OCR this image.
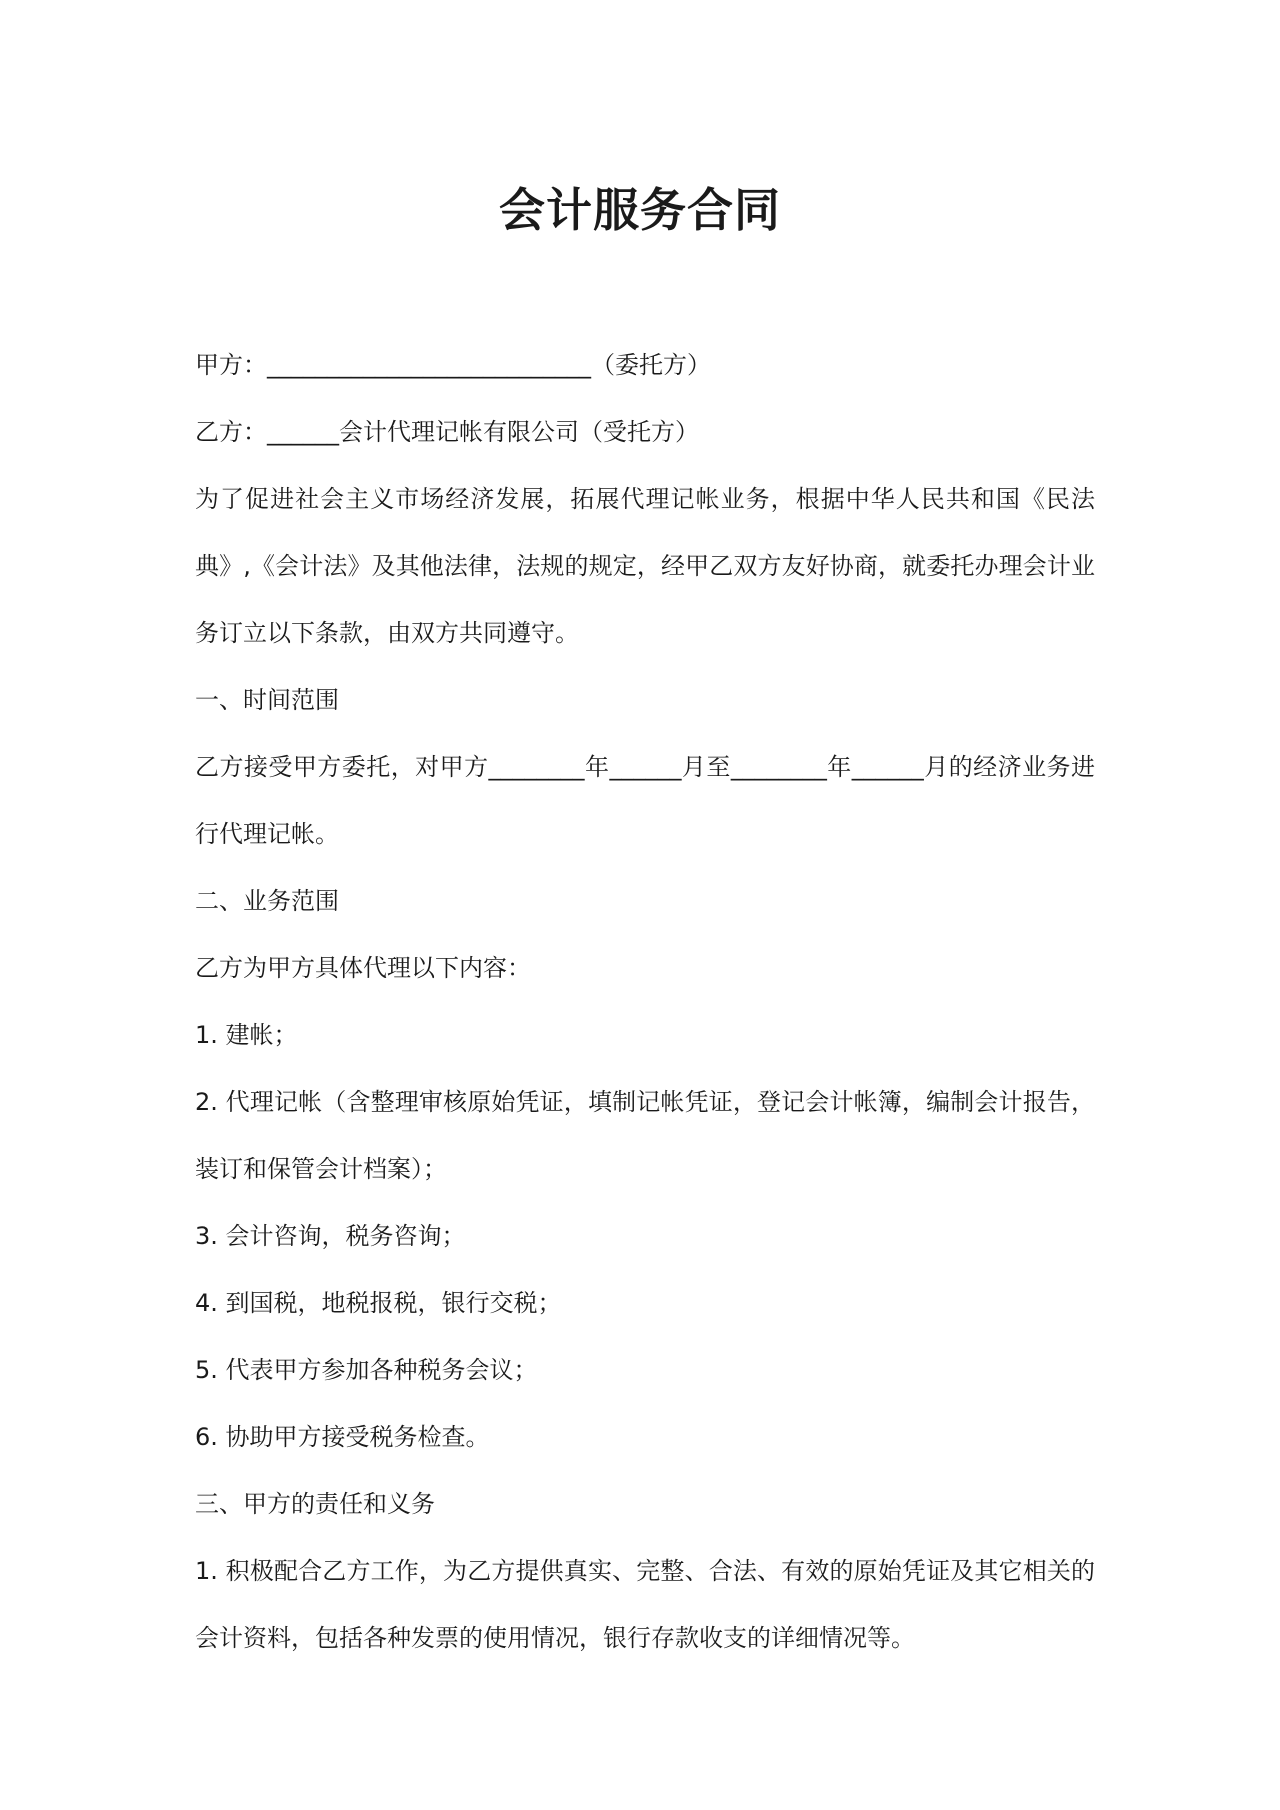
会计服务合同

甲方：___________________________（委托方）

乙方：______会计代理记帐有限公司（受托方）

为了促进社会主义市场经济发展，拓展代理记帐业务，根据中华人民共和国《民法典》,《会计法》及其他法律，法规的规定，经甲乙双方友好协商，就委托办理会计业务订立以下条款，由双方共同遵守。

一、时间范围

乙方接受甲方委托，对甲方________年______月至________年______月的经济业务进行代理记帐。

二、业务范围

乙方为甲方具体代理以下内容：

1. 建帐；

2. 代理记帐（含整理审核原始凭证，填制记帐凭证，登记会计帐簿，编制会计报告，装订和保管会计档案）；

3. 会计咨询，税务咨询；

4. 到国税，地税报税，银行交税；

5. 代表甲方参加各种税务会议；

6. 协助甲方接受税务检查。

三、甲方的责任和义务

1. 积极配合乙方工作，为乙方提供真实、完整、合法、有效的原始凭证及其它相关的会计资料，包括各种发票的使用情况，银行存款收支的详细情况等。
